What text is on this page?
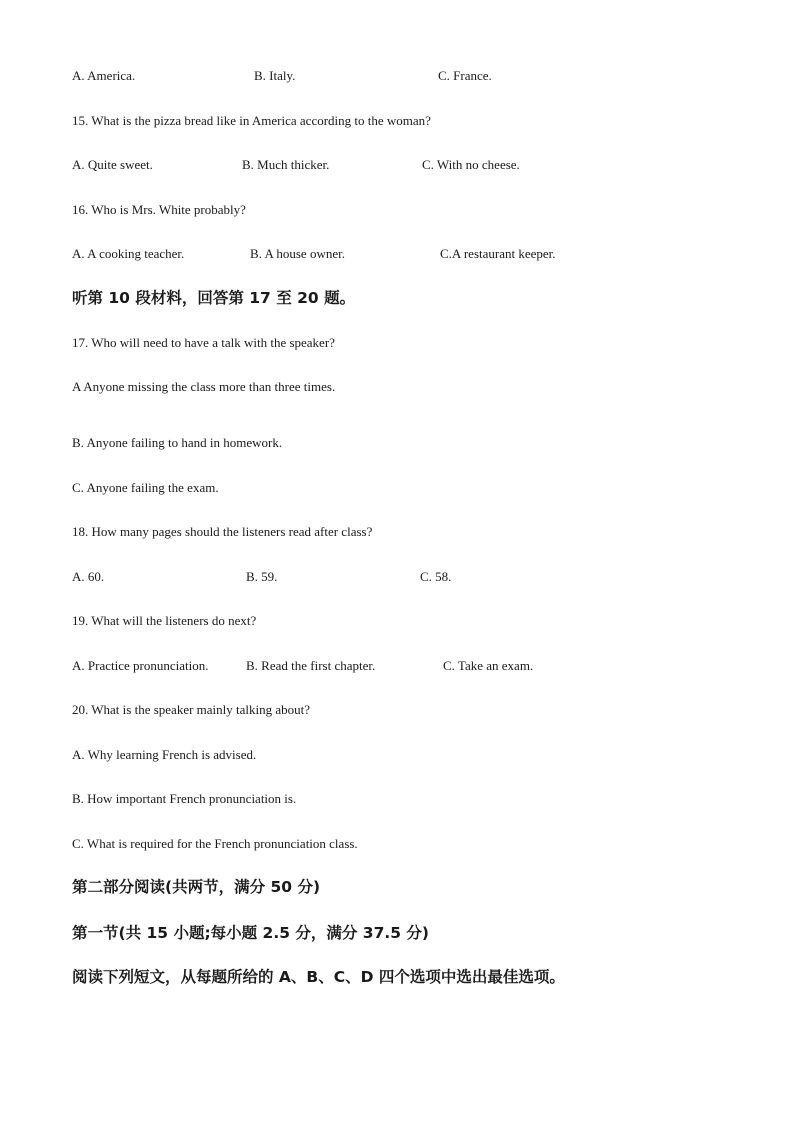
A. America.	B. Italy.	C. France.
15. What is the pizza bread like in America according to the woman?
A. Quite sweet.	B. Much thicker.	C. With no cheese.
16. Who is Mrs. White probably?
A. A cooking teacher.	B. A house owner.	C.A restaurant keeper.
听第 10 段材料，回答第 17 至 20 题。
17. Who will need to have a talk with the speaker?
A Anyone missing the class more than three times.
B. Anyone failing to hand in homework.
C. Anyone failing the exam.
18. How many pages should the listeners read after class?
A. 60.	B. 59.	C. 58.
19. What will the listeners do next?
A. Practice pronunciation.	B. Read the first chapter.	C. Take an exam.
20. What is the speaker mainly talking about?
A. Why learning French is advised.
B. How important French pronunciation is.
C. What is required for the French pronunciation class.
第二部分阅读(共两节，满分 50 分)
第一节(共 15 小题;每小题 2.5 分，满分 37.5 分)
阅读下列短文，从每题所给的 A、B、C、D 四个选项中选出最佳选项。
